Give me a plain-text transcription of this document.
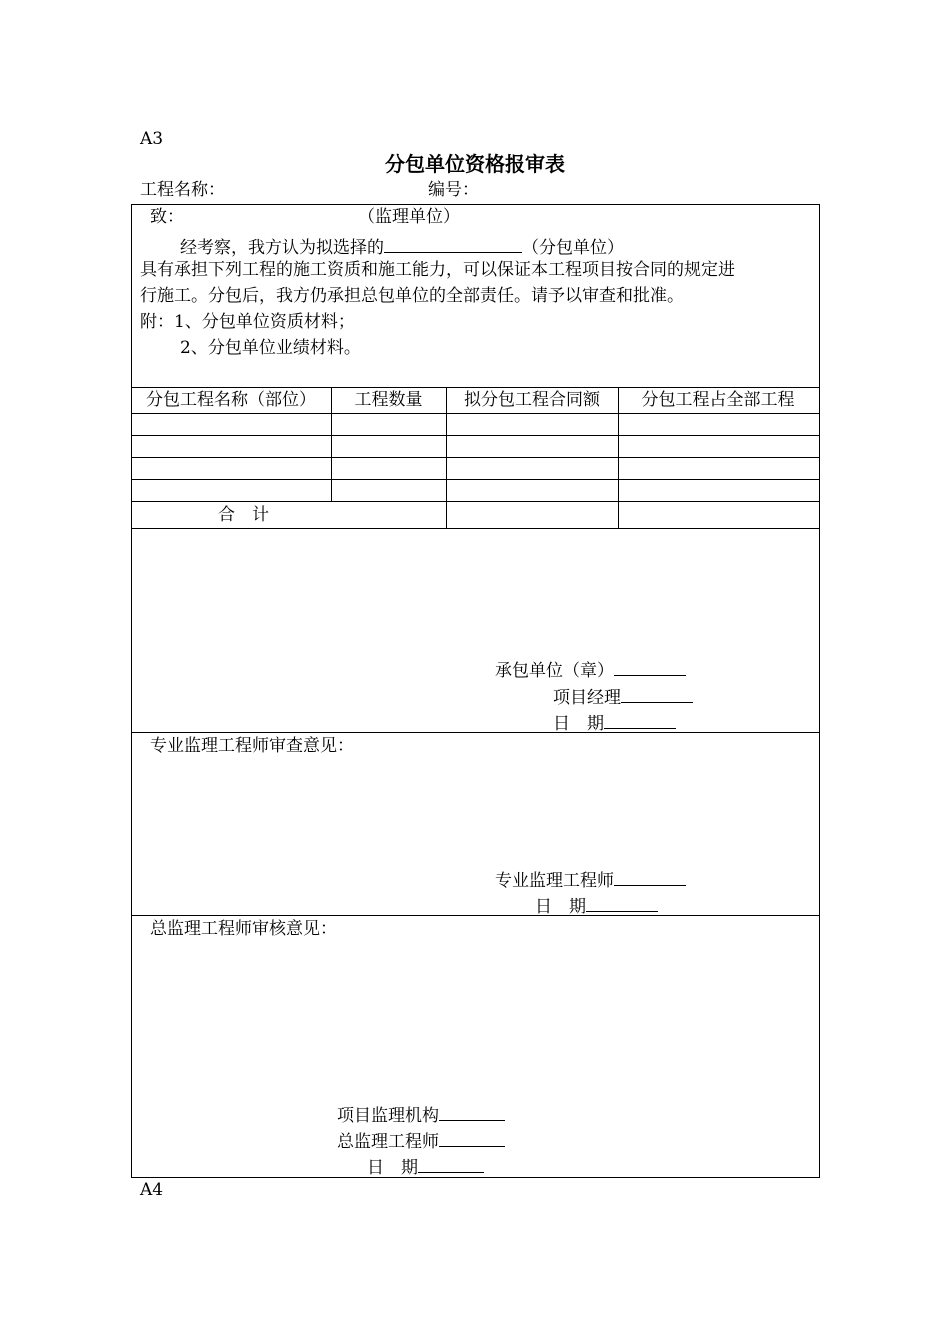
A3
分包单位资格报审表
工程名称：	编号：
致：	（监理单位）
经考察，我方认为拟选择的	（分包单位）
具有承担下列工程的施工资质和施工能力，可以保证本工程项目按合同的规定进
行施工。分包后，我方仍承担总包单位的全部责任。请予以审查和批准。
附：1、分包单位资质材料；
2、分包单位业绩材料。
分包工程名称（部位）	工程数量	拟分包工程合同额	分包工程占全部工程
合　计
承包单位（章）
项目经理
日　期
专业监理工程师审查意见：
专业监理工程师
日　期
总监理工程师审核意见：
项目监理机构
总监理工程师
日　期
A4
